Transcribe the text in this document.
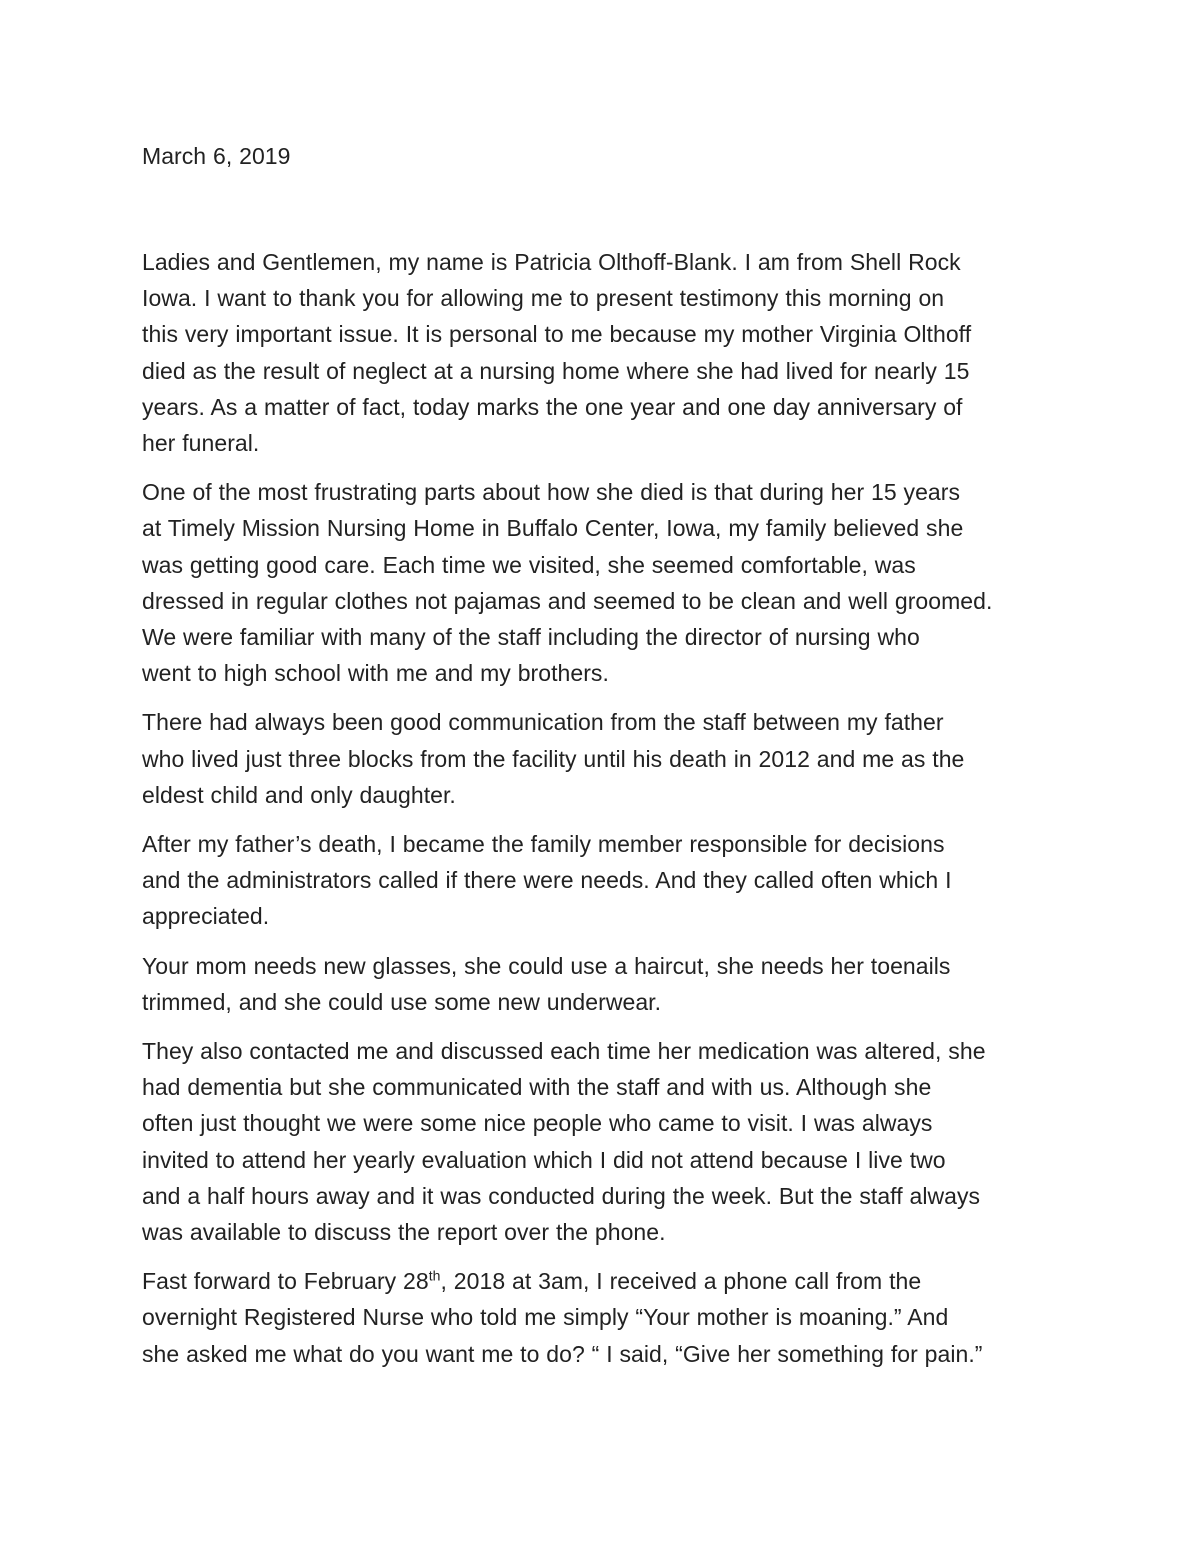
March 6, 2019

Ladies and Gentlemen, my name is Patricia Olthoff-Blank. I am from Shell Rock
Iowa. I want to thank you for allowing me to present testimony this morning on
this very important issue. It is personal to me because my mother Virginia Olthoff
died as the result of neglect at a nursing home where she had lived for nearly 15
years. As a matter of fact, today marks the one year and one day anniversary of
her funeral.

One of the most frustrating parts about how she died is that during her 15 years
at Timely Mission Nursing Home in Buffalo Center, Iowa, my family believed she
was getting good care. Each time we visited, she seemed comfortable, was
dressed in regular clothes not pajamas and seemed to be clean and well groomed.
We were familiar with many of the staff including the director of nursing who
went to high school with me and my brothers.

There had always been good communication from the staff between my father
who lived just three blocks from the facility until his death in 2012 and me as the
eldest child and only daughter.

After my father’s death, I became the family member responsible for decisions
and the administrators called if there were needs. And they called often which I
appreciated.

Your mom needs new glasses, she could use a haircut, she needs her toenails
trimmed, and she could use some new underwear.

They also contacted me and discussed each time her medication was altered, she
had dementia but she communicated with the staff and with us. Although she
often just thought we were some nice people who came to visit. I was always
invited to attend her yearly evaluation which I did not attend because I live two
and a half hours away and it was conducted during the week. But the staff always
was available to discuss the report over the phone.

Fast forward to February 28th, 2018 at 3am, I received a phone call from the
overnight Registered Nurse who told me simply “Your mother is moaning.” And
she asked me what do you want me to do? “ I said, “Give her something for pain.”
